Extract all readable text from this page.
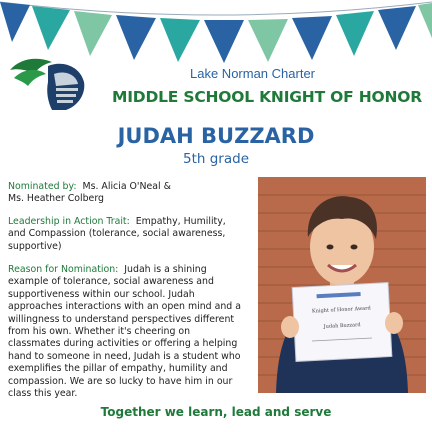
Lake Norman Charter
MIDDLE SCHOOL KNIGHT OF HONOR
JUDAH BUZZARD
5th grade
Nominated by: Ms. Alicia O'Neal &
Ms. Heather Colberg
Leadership in Action Trait: Empathy, Humility,
and Compassion (tolerance, social awareness,
supportive)
Reason for Nomination: Judah is a shining
example of tolerance, social awareness and
supportiveness within our school. Judah
approaches interactions with an open mind and a
willingness to understand perspectives different
from his own. Whether it's cheering on
classmates during activities or offering a helping
hand to someone in need, Judah is a student who
exemplifies the pillar of empathy, humility and
compassion. We are so lucky to have him in our
class this year.
Knight of Honor Award
Judah Buzzard
Together we learn, lead and serve
